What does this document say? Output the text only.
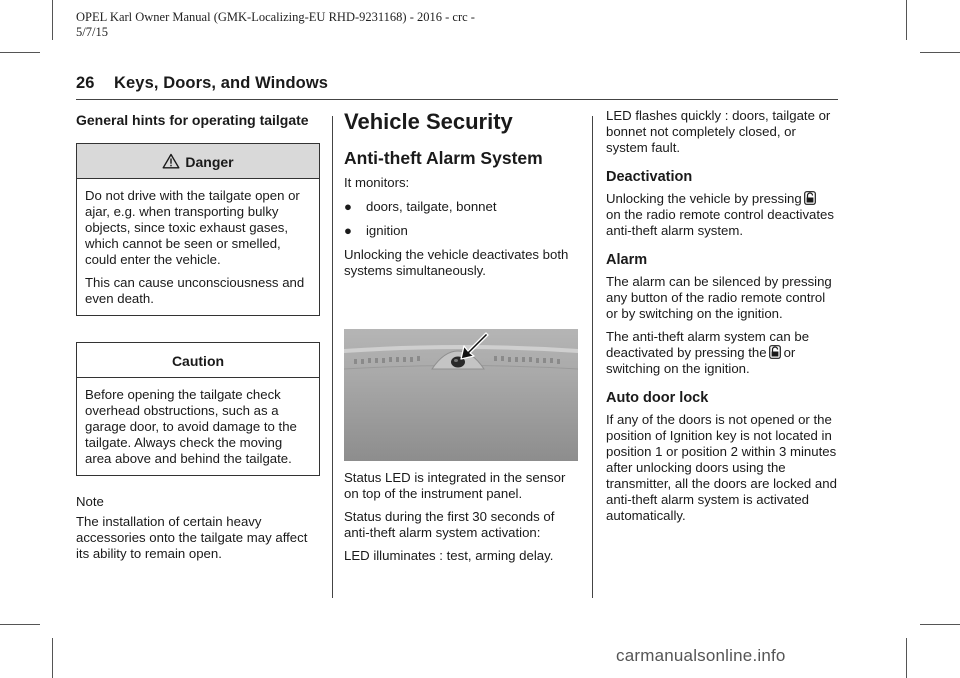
OPEL Karl Owner Manual (GMK-Localizing-EU RHD-9231168) - 2016 - crc -
5/7/15
26 Keys, Doors, and Windows

General hints for operating tailgate

Danger

Do not drive with the tailgate open or ajar, e.g. when transporting bulky objects, since toxic exhaust gases, which cannot be seen or smelled, could enter the vehicle.

This can cause unconsciousness and even death.

Caution

Before opening the tailgate check overhead obstructions, such as a garage door, to avoid damage to the tailgate. Always check the moving area above and behind the tailgate.

Note

The installation of certain heavy accessories onto the tailgate may affect its ability to remain open.

Vehicle Security
Anti-theft Alarm System

It monitors:

●	doors, tailgate, bonnet

●	ignition

Unlocking the vehicle deactivates both systems simultaneously.

Status LED is integrated in the sensor on top of the instrument panel.

Status during the first 30 seconds of anti-theft alarm system activation:

LED illuminates : test, arming delay.

LED flashes quickly : doors, tailgate or bonnet not completely closed, or system fault.

Deactivation

Unlocking the vehicle by pressing
on the radio remote control deactivates anti-theft alarm system.

Alarm

The alarm can be silenced by pressing any button of the radio remote control or by switching on the ignition.

The anti-theft alarm system can be
deactivated by pressing the or
switching on the ignition.

Auto door lock

If any of the doors is not opened or the position of Ignition key is not located in position 1 or position 2 within 3 minutes after unlocking doors using the transmitter, all the doors are locked and anti-theft alarm system is activated automatically.

carmanualsonline.info
